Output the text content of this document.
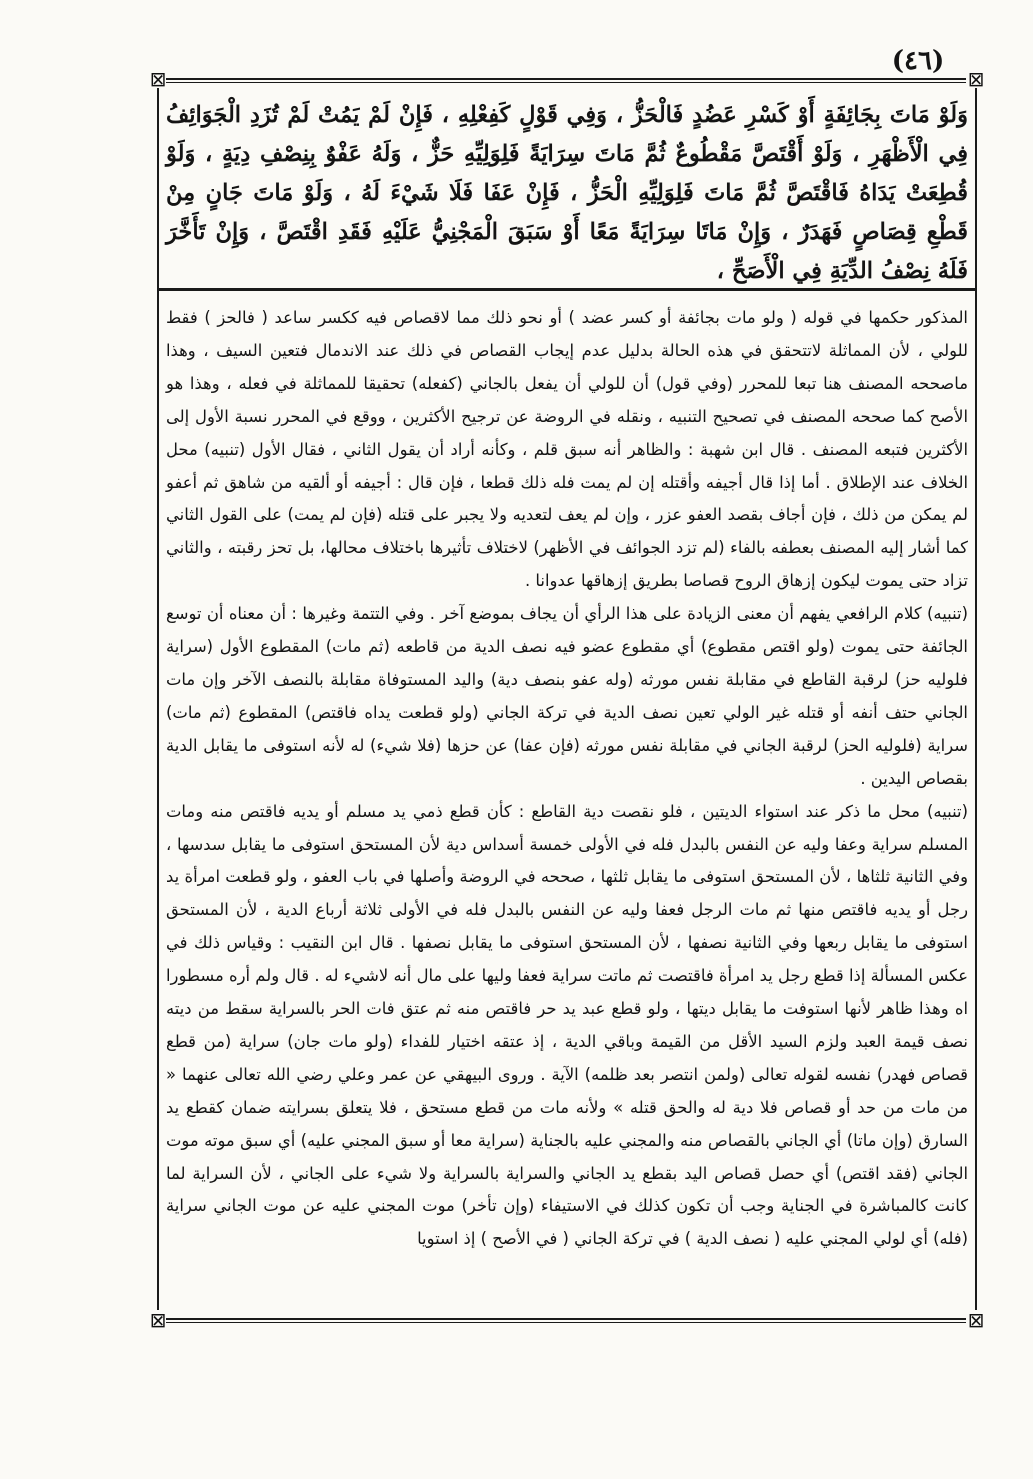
⊠	⊠
⊠	⊠
(٤٦)

وَلَوْ مَاتَ بِجَائِفَةٍ أَوْ كَسْرِ عَضُدٍ فَالْحَزُّ ، وَفِي قَوْلٍ كَفِعْلِهِ ، فَإِنْ لَمْ يَمُتْ لَمْ تُزَدِ الْجَوَائِفُ فِي الْأَظْهَرِ ، وَلَوْ أَقْتَصَّ مَقْطُوعٌ ثُمَّ مَاتَ سِرَايَةً فَلِوَلِيِّهِ حَزٌّ ، وَلَهُ عَفْوٌ بِنِصْفِ دِيَةٍ ، وَلَوْ قُطِعَتْ يَدَاهُ فَاقْتَصَّ ثُمَّ مَاتَ فَلِوَلِيِّهِ الْحَزُّ ، فَإِنْ عَفَا فَلَا شَيْءَ لَهُ ، وَلَوْ مَاتَ جَانٍ مِنْ قَطْعِ قِصَاصٍ فَهَدَرٌ ، وَإِنْ مَاتَا سِرَايَةً مَعًا أَوْ سَبَقَ الْمَجْنِيُّ عَلَيْهِ فَقَدِ اقْتَصَّ ، وَإِنْ تَأَخَّرَ فَلَهُ نِصْفُ الدِّيَةِ فِي الْأَصَحِّ ،

المذكور حكمها في قوله ( ولو مات بجائفة أو كسر عضد ) أو نحو ذلك مما لاقصاص فيه ككسر ساعد ( فالحز ) فقط للولي ، لأن المماثلة لاتتحقق في هذه الحالة بدليل عدم إيجاب القصاص في ذلك عند الاندمال فتعين السيف ، وهذا ماصححه المصنف هنا تبعا للمحرر (وفي قول) أن للولي أن يفعل بالجاني (كفعله) تحقيقا للمماثلة في فعله ، وهذا هو الأصح كما صححه المصنف في تصحيح التنبيه ، ونقله في الروضة عن ترجيح الأكثرين ، ووقع في المحرر نسبة الأول إلى الأكثرين فتبعه المصنف . قال ابن شهبة : والظاهر أنه سبق قلم ، وكأنه أراد أن يقول الثاني ، فقال الأول (تنبيه) محل الخلاف عند الإطلاق . أما إذا قال أجيفه وأقتله إن لم يمت فله ذلك قطعا ، فإن قال : أجيفه أو ألقيه من شاهق ثم أعفو لم يمكن من ذلك ، فإن أجاف بقصد العفو عزر ، وإن لم يعف لتعديه ولا يجبر على قتله (فإن لم يمت) على القول الثاني كما أشار إليه المصنف بعطفه بالفاء (لم تزد الجوائف في الأظهر) لاختلاف تأثيرها باختلاف محالها، بل تحز رقبته ، والثاني تزاد حتى يموت ليكون إزهاق الروح قصاصا بطريق إزهاقها عدوانا .

(تنبيه) كلام الرافعي يفهم أن معنى الزيادة على هذا الرأي أن يجاف بموضع آخر . وفي التتمة وغيرها : أن معناه أن توسع الجائفة حتى يموت (ولو اقتص مقطوع) أي مقطوع عضو فيه نصف الدية من قاطعه (ثم مات) المقطوع الأول (سراية فلوليه حز) لرقبة القاطع في مقابلة نفس مورثه (وله عفو بنصف دية) واليد المستوفاة مقابلة بالنصف الآخر وإن مات الجاني حتف أنفه أو قتله غير الولي تعين نصف الدية في تركة الجاني (ولو قطعت يداه فاقتص) المقطوع (ثم مات) سراية (فلوليه الحز) لرقبة الجاني في مقابلة نفس مورثه (فإن عفا) عن حزها (فلا شيء) له لأنه استوفى ما يقابل الدية بقصاص اليدين .

(تنبيه) محل ما ذكر عند استواء الديتين ، فلو نقصت دية القاطع : كأن قطع ذمي يد مسلم أو يديه فاقتص منه ومات المسلم سراية وعفا وليه عن النفس بالبدل فله في الأولى خمسة أسداس دية لأن المستحق استوفى ما يقابل سدسها ، وفي الثانية ثلثاها ، لأن المستحق استوفى ما يقابل ثلثها ، صححه في الروضة وأصلها في باب العفو ، ولو قطعت امرأة يد رجل أو يديه فاقتص منها ثم مات الرجل فعفا وليه عن النفس بالبدل فله في الأولى ثلاثة أرباع الدية ، لأن المستحق استوفى ما يقابل ربعها وفي الثانية نصفها ، لأن المستحق استوفى ما يقابل نصفها . قال ابن النقيب : وقياس ذلك في عكس المسألة إذا قطع رجل يد امرأة فاقتصت ثم ماتت سراية فعفا وليها على مال أنه لاشيء له . قال ولم أره مسطورا اه وهذا ظاهر لأنها استوفت ما يقابل ديتها ، ولو قطع عبد يد حر فاقتص منه ثم عتق فات الحر بالسراية سقط من ديته نصف قيمة العبد ولزم السيد الأقل من القيمة وباقي الدية ، إذ عتقه اختيار للفداء (ولو مات جان) سراية (من قطع قصاص فهدر) نفسه لقوله تعالى (ولمن انتصر بعد ظلمه) الآية . وروى البيهقي عن عمر وعلي رضي الله تعالى عنهما « من مات من حد أو قصاص فلا دية له والحق قتله » ولأنه مات من قطع مستحق ، فلا يتعلق بسرايته ضمان كقطع يد السارق (وإن ماتا) أي الجاني بالقصاص منه والمجني عليه بالجناية (سراية معا أو سبق المجني عليه) أي سبق موته موت الجاني (فقد اقتص) أي حصل قصاص اليد بقطع يد الجاني والسراية بالسراية ولا شيء على الجاني ، لأن السراية لما كانت كالمباشرة في الجناية وجب أن تكون كذلك في الاستيفاء (وإن تأخر) موت المجني عليه عن موت الجاني سراية (فله) أي لولي المجني عليه ( نصف الدية ) في تركة الجاني ( في الأصح ) إذ استويا
